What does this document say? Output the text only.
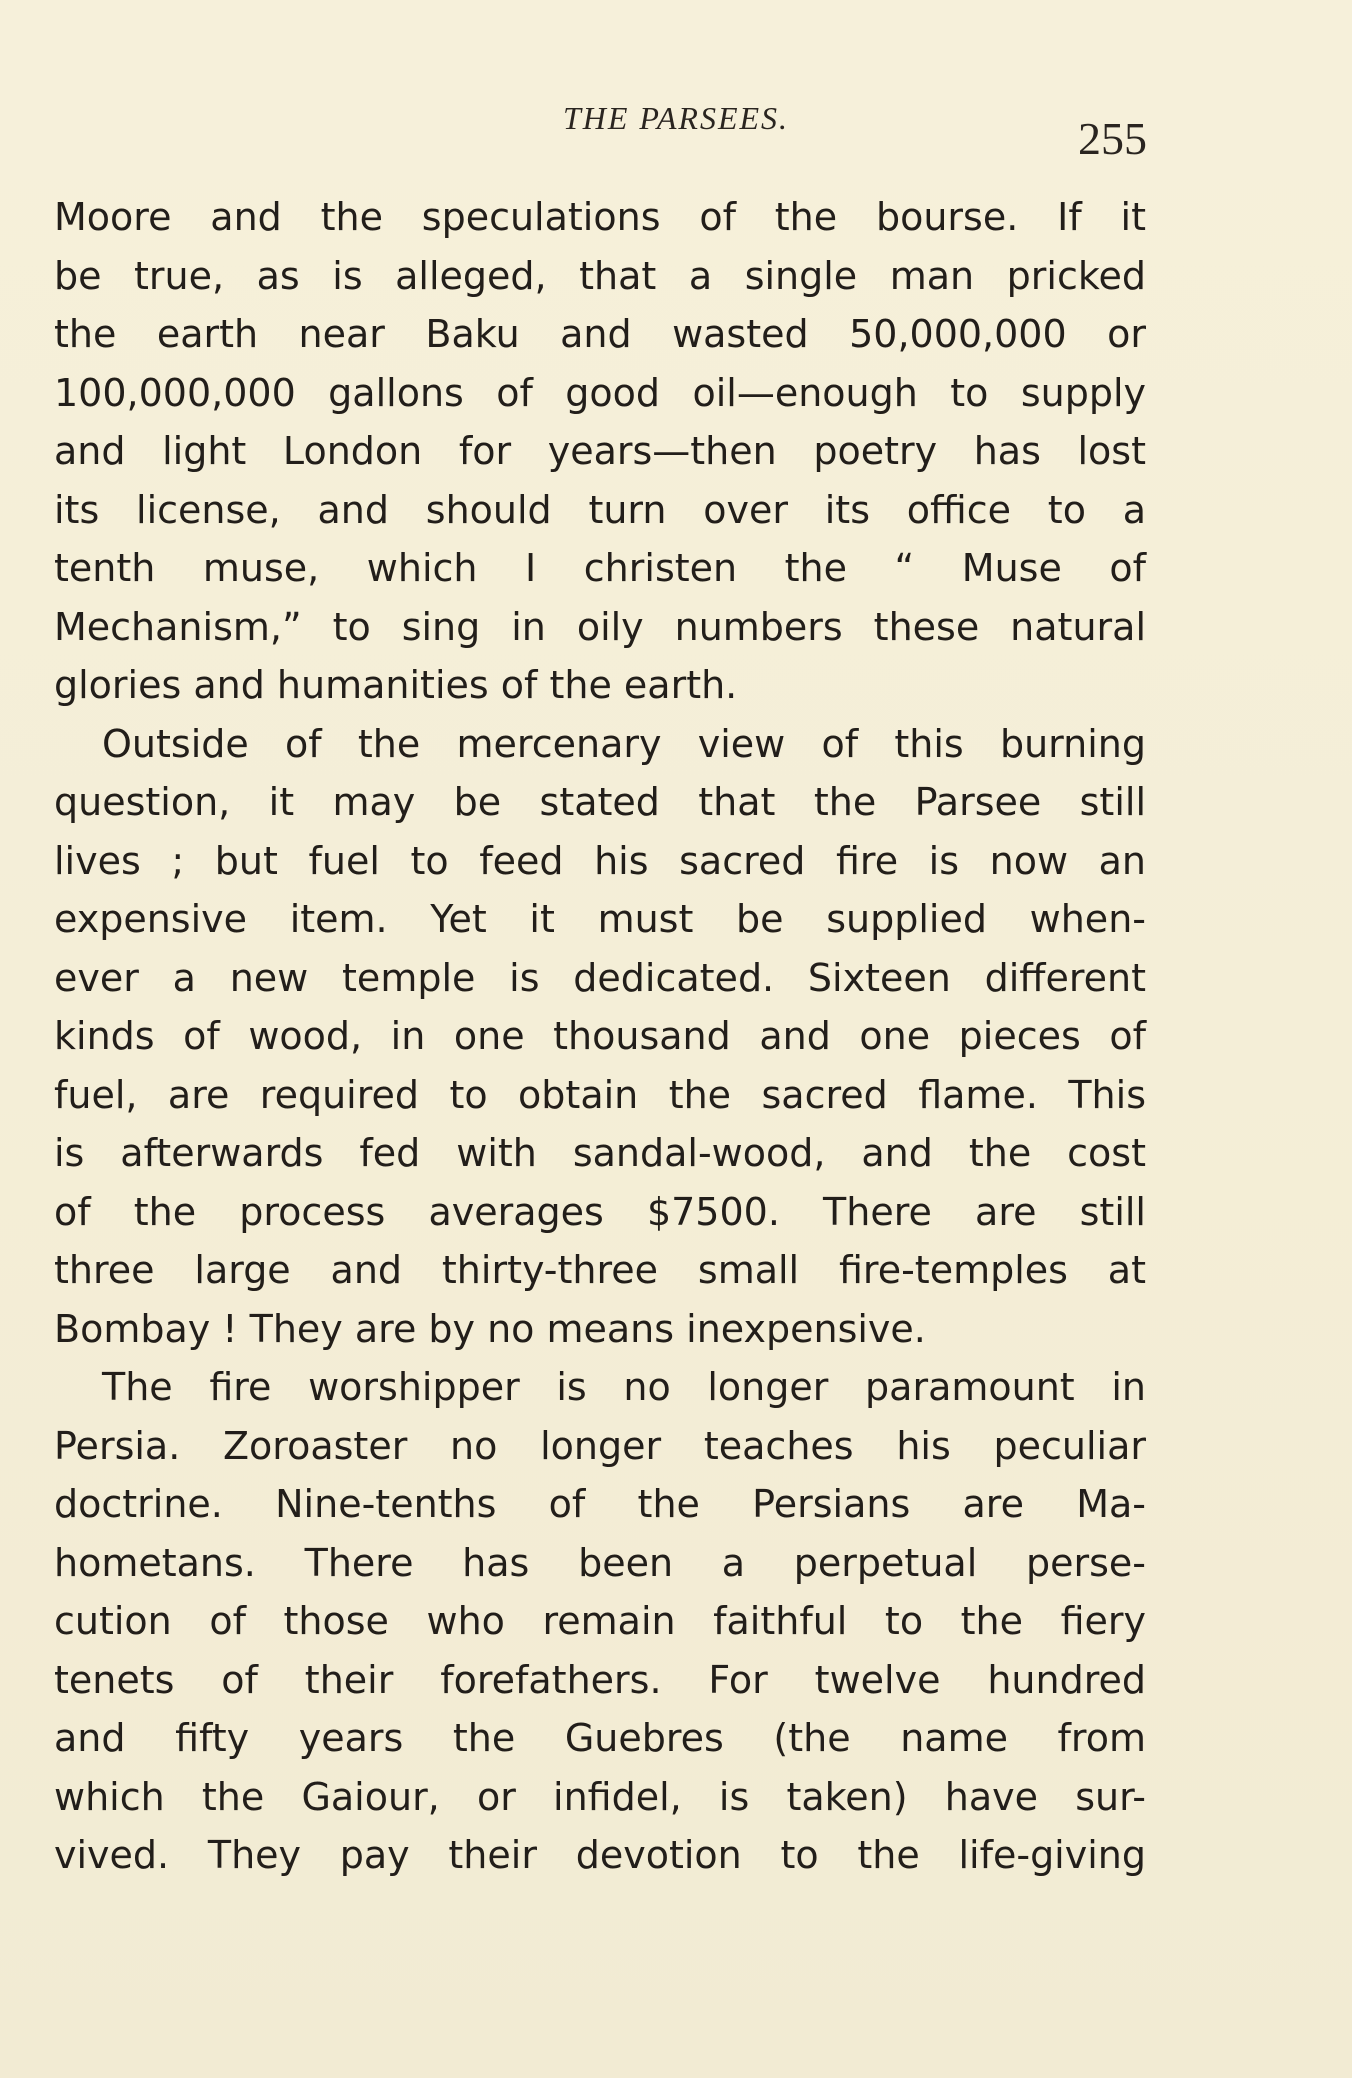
THE PARSEES.	255
Moore and the speculations of the bourse. If it
be true, as is alleged, that a single man pricked
the earth near Baku and wasted 50,000,000 or
100,000,000 gallons of good oil—enough to supply
and light London for years—then poetry has lost
its license, and should turn over its office to a
tenth muse, which I christen the “ Muse of
Mechanism,” to sing in oily numbers these natural
glories and humanities of the earth.
Outside of the mercenary view of this burning
question, it may be stated that the Parsee still
lives ; but fuel to feed his sacred fire is now an
expensive item. Yet it must be supplied when-
ever a new temple is dedicated. Sixteen different
kinds of wood, in one thousand and one pieces of
fuel, are required to obtain the sacred flame. This
is afterwards fed with sandal-wood, and the cost
of the process averages $7500. There are still
three large and thirty-three small fire-temples at
Bombay ! They are by no means inexpensive.
The fire worshipper is no longer paramount in
Persia. Zoroaster no longer teaches his peculiar
doctrine. Nine-tenths of the Persians are Ma-
hometans. There has been a perpetual perse-
cution of those who remain faithful to the fiery
tenets of their forefathers. For twelve hundred
and fifty years the Guebres (the name from
which the Gaiour, or infidel, is taken) have sur-
vived. They pay their devotion to the life-giving
